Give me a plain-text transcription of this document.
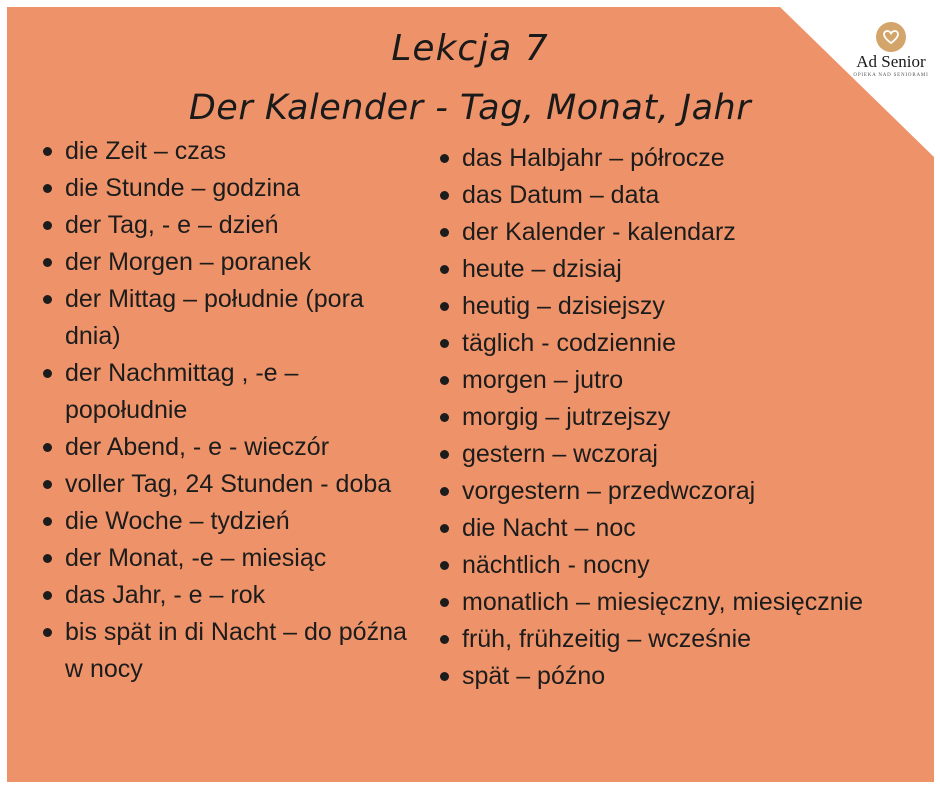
Ad Senior
OPIEKA NAD SENIORAMI
Lekcja 7
Der Kalender - Tag, Monat, Jahr
die Zeit – czas
die Stunde – godzina
der Tag, - e – dzień
der Morgen – poranek
der Mittag – południe (pora dnia)
der Nachmittag , -e – popołudnie
der Abend, - e - wieczór
voller Tag, 24 Stunden - doba
die Woche – tydzień
der Monat, -e – miesiąc
das Jahr, - e – rok
bis spät in di Nacht – do późna w nocy
das Halbjahr – półrocze
das Datum – data
der Kalender - kalendarz
heute – dzisiaj
heutig – dzisiejszy
täglich - codziennie
morgen – jutro
morgig – jutrzejszy
gestern – wczoraj
vorgestern – przedwczoraj
die Nacht – noc
nächtlich - nocny
monatlich – miesięczny, miesięcznie
früh, frühzeitig – wcześnie
spät – późno
